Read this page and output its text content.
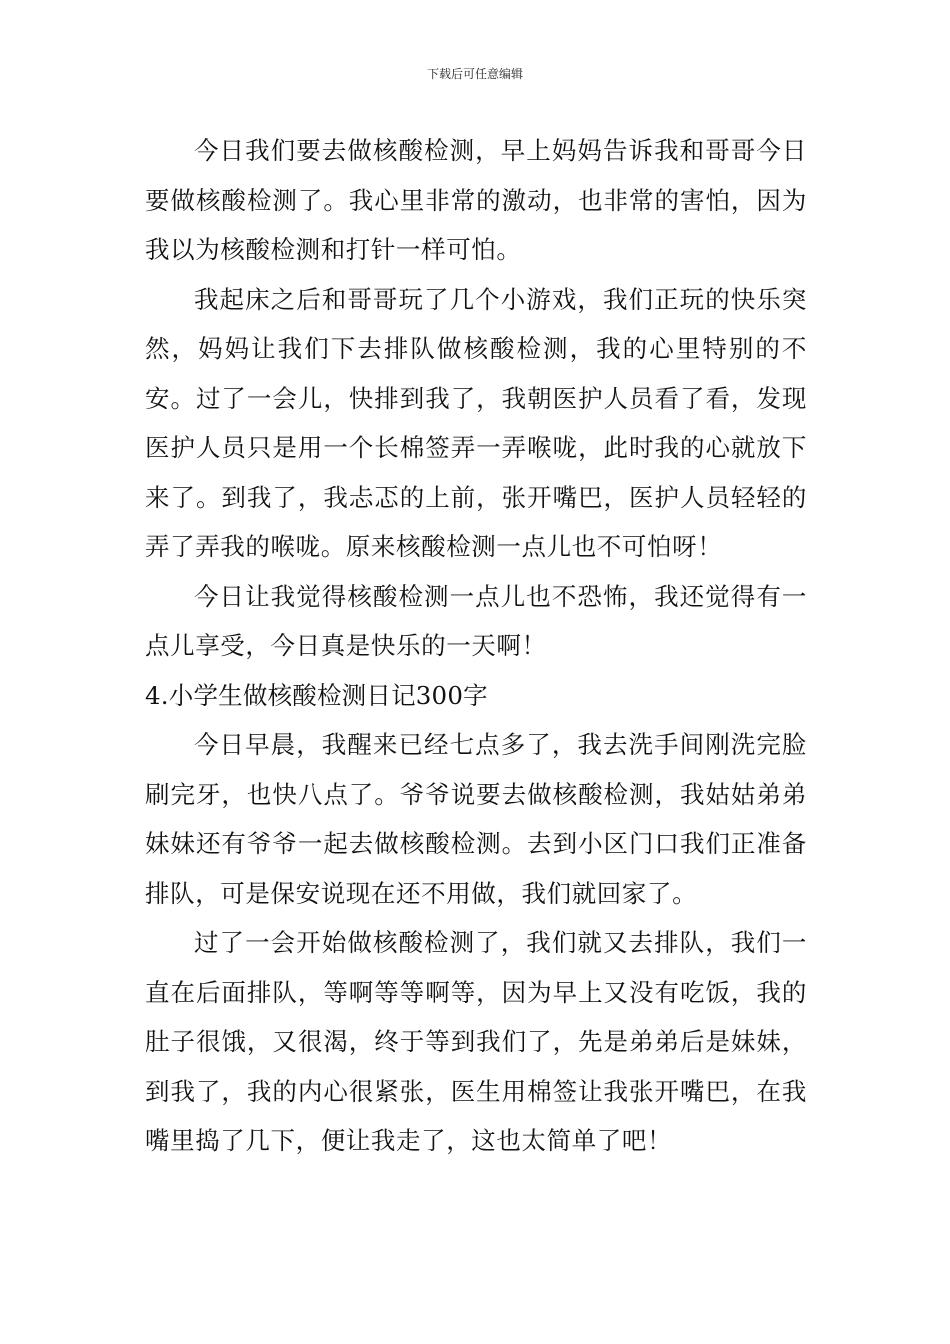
下载后可任意编辑

今日我们要去做核酸检测，早上妈妈告诉我和哥哥今日要做核酸检测了。我心里非常的激动，也非常的害怕，因为我以为核酸检测和打针一样可怕。

我起床之后和哥哥玩了几个小游戏，我们正玩的快乐突然，妈妈让我们下去排队做核酸检测，我的心里特别的不安。过了一会儿，快排到我了，我朝医护人员看了看，发现医护人员只是用一个长棉签弄一弄喉咙，此时我的心就放下来了。到我了，我忐忑的上前，张开嘴巴，医护人员轻轻的弄了弄我的喉咙。原来核酸检测一点儿也不可怕呀！

今日让我觉得核酸检测一点儿也不恐怖，我还觉得有一点儿享受，今日真是快乐的一天啊！

4.小学生做核酸检测日记300字

今日早晨，我醒来已经七点多了，我去洗手间刚洗完脸刷完牙，也快八点了。爷爷说要去做核酸检测，我姑姑弟弟妹妹还有爷爷一起去做核酸检测。去到小区门口我们正准备排队，可是保安说现在还不用做，我们就回家了。

过了一会开始做核酸检测了，我们就又去排队，我们一直在后面排队，等啊等等啊等，因为早上又没有吃饭，我的肚子很饿，又很渴，终于等到我们了，先是弟弟后是妹妹，到我了，我的内心很紧张，医生用棉签让我张开嘴巴，在我嘴里捣了几下，便让我走了，这也太简单了吧！
